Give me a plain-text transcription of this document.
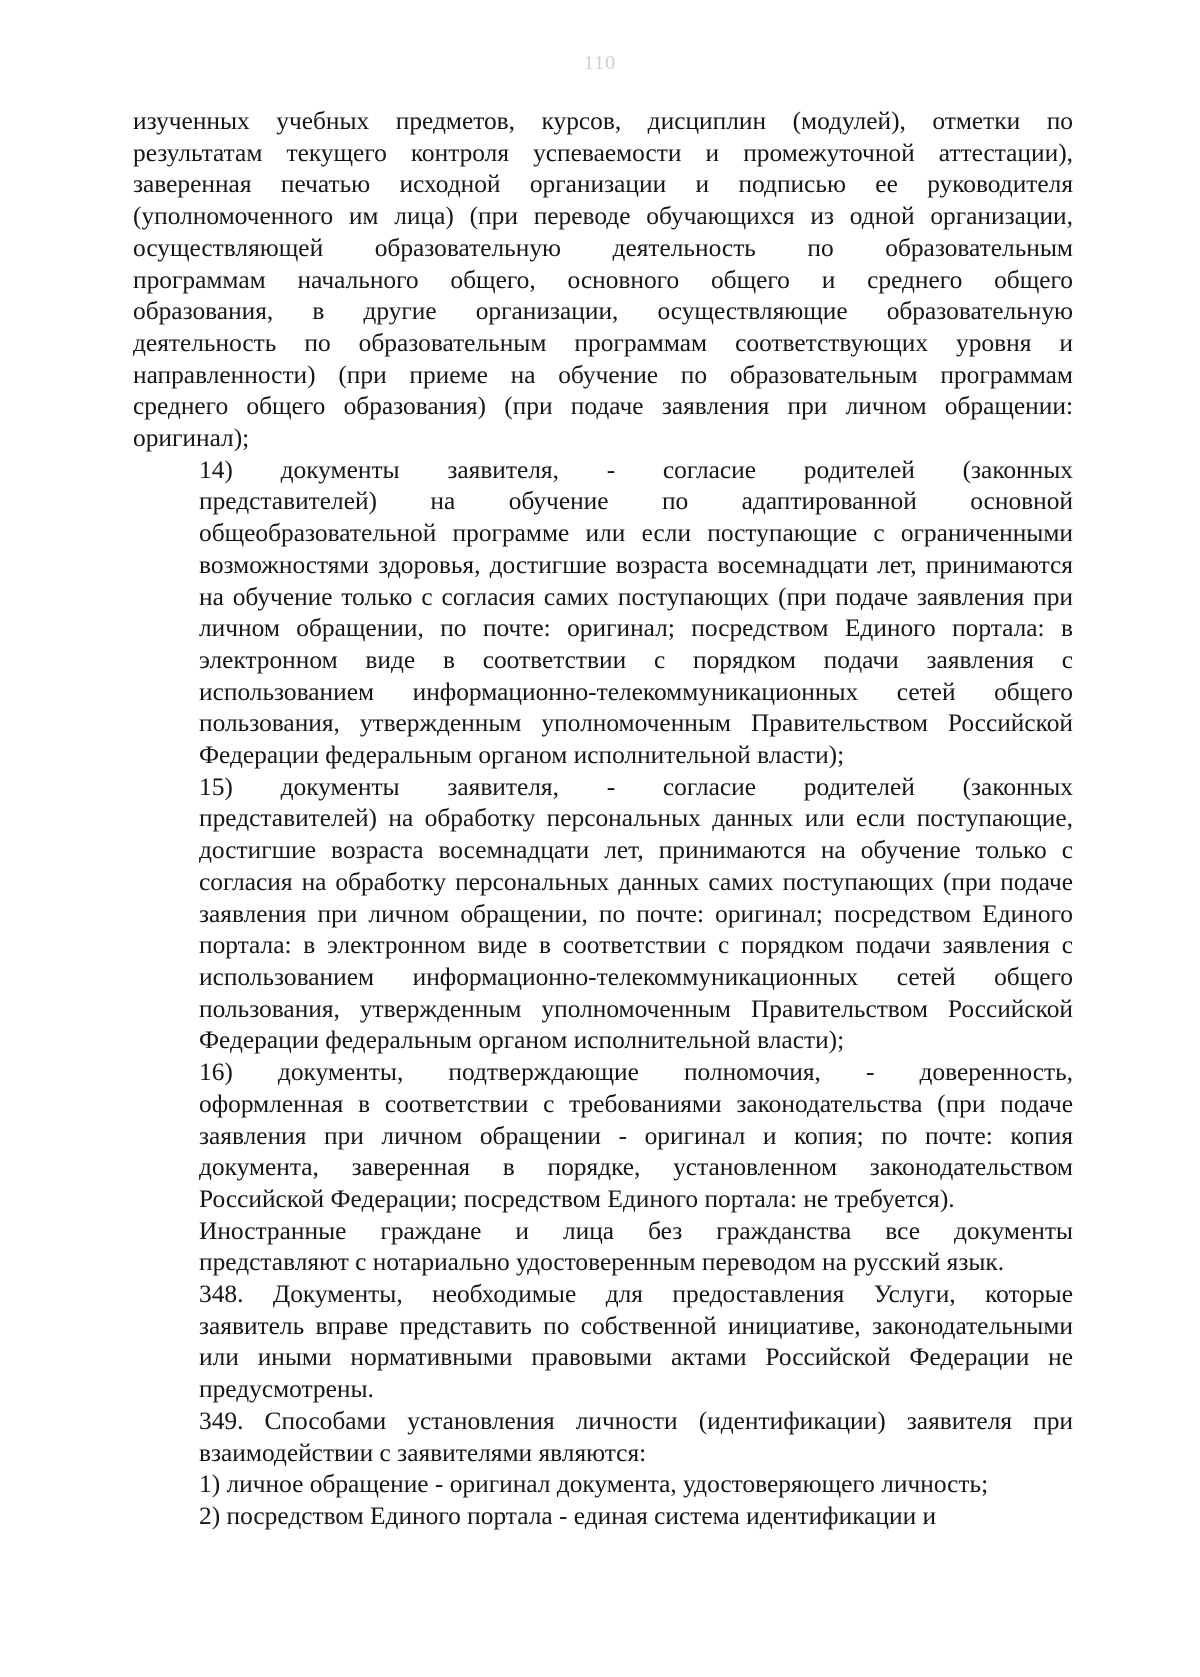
110

изученных учебных предметов, курсов, дисциплин (модулей), отметки по
результатам текущего контроля успеваемости и промежуточной аттестации),
заверенная печатью исходной организации и подписью ее руководителя
(уполномоченного им лица) (при переводе обучающихся из одной организации,
осуществляющей образовательную деятельность по образовательным
программам начального общего, основного общего и среднего общего
образования, в другие организации, осуществляющие образовательную
деятельность по образовательным программам соответствующих уровня и
направленности) (при приеме на обучение по образовательным программам
среднего общего образования) (при подаче заявления при личном обращении:
оригинал);

14) документы заявителя, - согласие родителей (законных
представителей) на обучение по адаптированной основной
общеобразовательной программе или если поступающие с ограниченными
возможностями здоровья, достигшие возраста восемнадцати лет, принимаются
на обучение только с согласия самих поступающих (при подаче заявления при
личном обращении, по почте: оригинал; посредством Единого портала: в
электронном виде в соответствии с порядком подачи заявления с
использованием информационно-телекоммуникационных сетей общего
пользования, утвержденным уполномоченным Правительством Российской
Федерации федеральным органом исполнительной власти);

15) документы заявителя, - согласие родителей (законных
представителей) на обработку персональных данных или если поступающие,
достигшие возраста восемнадцати лет, принимаются на обучение только с
согласия на обработку персональных данных самих поступающих (при подаче
заявления при личном обращении, по почте: оригинал; посредством Единого
портала: в электронном виде в соответствии с порядком подачи заявления с
использованием информационно-телекоммуникационных сетей общего
пользования, утвержденным уполномоченным Правительством Российской
Федерации федеральным органом исполнительной власти);

16) документы, подтверждающие полномочия, - доверенность,
оформленная в соответствии с требованиями законодательства (при подаче
заявления при личном обращении - оригинал и копия; по почте: копия
документа, заверенная в порядке, установленном законодательством
Российской Федерации; посредством Единого портала: не требуется).

Иностранные граждане и лица без гражданства все документы
представляют с нотариально удостоверенным переводом на русский язык.

348. Документы, необходимые для предоставления Услуги, которые
заявитель вправе представить по собственной инициативе, законодательными
или иными нормативными правовыми актами Российской Федерации не
предусмотрены.

349. Способами установления личности (идентификации) заявителя при
взаимодействии с заявителями являются:

1) личное обращение - оригинал документа, удостоверяющего личность;

2) посредством Единого портала - единая система идентификации и
